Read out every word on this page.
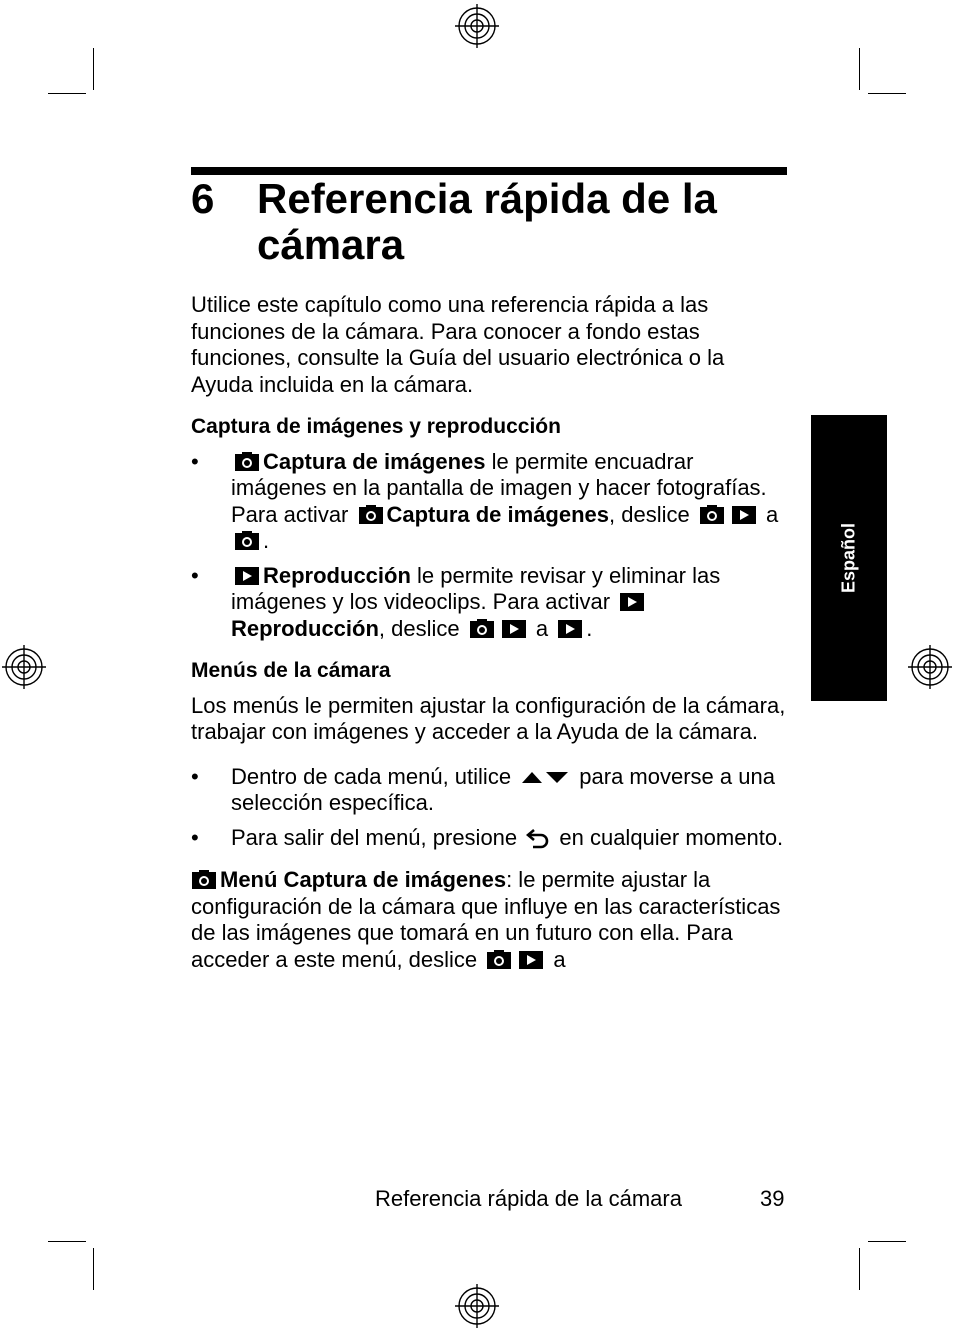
6 Referencia rápida de la cámara

Utilice este capítulo como una referencia rápida a las funciones de la cámara. Para conocer a fondo estas funciones, consulte la Guía del usuario electrónica o la Ayuda incluida en la cámara.

Captura de imágenes y reproducción

•	Captura de imágenes le permite encuadrar imágenes en la pantalla de imagen y hacer fotografías. Para activar
Captura de imágenes, deslice	a
.
•	Reproducción le permite revisar y eliminar las imágenes y los videoclips. Para activar
Reproducción, deslice	a
.

Menús de la cámara

Los menús le permiten ajustar la configuración de la cámara, trabajar con imágenes y acceder a la Ayuda de la cámara.

• Dentro de cada menú, utilice	para moverse a una selección específica.
• Para salir del menú, presione
en cualquier momento.

Menú Captura de imágenes: le permite ajustar la configuración de la cámara que influye en las características de las imágenes que tomará en un futuro con ella. Para acceder a este menú, deslice	a

Español
Referencia rápida de la cámara	39
